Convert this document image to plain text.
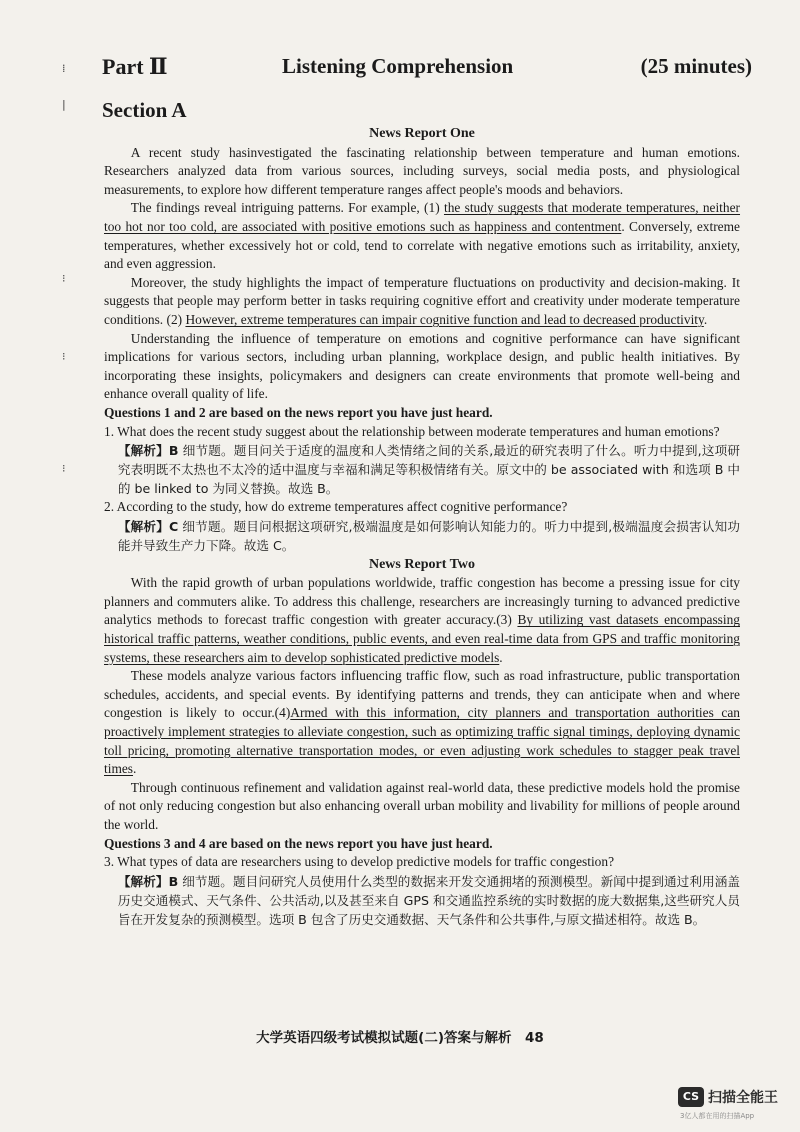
⁞
|
⁝
⁝
⁝
Part Ⅱ	Listening Comprehension	(25 minutes)
Section A

News Report One

A recent study hasinvestigated the fascinating relationship between temperature and human emotions. Researchers analyzed data from various sources, including surveys, social media posts, and physiological measurements, to explore how different temperature ranges affect people's moods and behaviors.

The findings reveal intriguing patterns. For example, (1) the study suggests that moderate temperatures, neither too hot nor too cold, are associated with positive emotions such as happiness and contentment. Conversely, extreme temperatures, whether excessively hot or cold, tend to correlate with negative emotions such as irritability, anxiety, and even aggression.

Moreover, the study highlights the impact of temperature fluctuations on productivity and decision-making. It suggests that people may perform better in tasks requiring cognitive effort and creativity under moderate temperature conditions. (2) However, extreme temperatures can impair cognitive function and lead to decreased productivity.

Understanding the influence of temperature on emotions and cognitive performance can have significant implications for various sectors, including urban planning, workplace design, and public health initiatives. By incorporating these insights, policymakers and designers can create environments that promote well-being and enhance overall quality of life.

Questions 1 and 2 are based on the news report you have just heard.

1. What does the recent study suggest about the relationship between moderate temperatures and human emotions?

【解析】B 细节题。题目问关于适度的温度和人类情绪之间的关系,最近的研究表明了什么。听力中提到,这项研究表明既不太热也不太冷的适中温度与幸福和满足等积极情绪有关。原文中的 be associated with 和选项 B 中的 be linked to 为同义替换。故选 B。

2. According to the study, how do extreme temperatures affect cognitive performance?

【解析】C 细节题。题目问根据这项研究,极端温度是如何影响认知能力的。听力中提到,极端温度会损害认知功能并导致生产力下降。故选 C。

News Report Two

With the rapid growth of urban populations worldwide, traffic congestion has become a pressing issue for city planners and commuters alike. To address this challenge, researchers are increasingly turning to advanced predictive analytics methods to forecast traffic congestion with greater accuracy.(3) By utilizing vast datasets encompassing historical traffic patterns, weather conditions, public events, and even real-time data from GPS and traffic monitoring systems, these researchers aim to develop sophisticated predictive models.

These models analyze various factors influencing traffic flow, such as road infrastructure, public transportation schedules, accidents, and special events. By identifying patterns and trends, they can anticipate when and where congestion is likely to occur.(4)Armed with this information, city planners and transportation authorities can proactively implement strategies to alleviate congestion, such as optimizing traffic signal timings, deploying dynamic toll pricing, promoting alternative transportation modes, or even adjusting work schedules to stagger peak travel times.

Through continuous refinement and validation against real-world data, these predictive models hold the promise of not only reducing congestion but also enhancing overall urban mobility and livability for millions of people around the world.

Questions 3 and 4 are based on the news report you have just heard.

3. What types of data are researchers using to develop predictive models for traffic congestion?

【解析】B 细节题。题目问研究人员使用什么类型的数据来开发交通拥堵的预测模型。新闻中提到通过利用涵盖历史交通模式、天气条件、公共活动,以及甚至来自 GPS 和交通监控系统的实时数据的庞大数据集,这些研究人员旨在开发复杂的预测模型。选项 B 包含了历史交通数据、天气条件和公共事件,与原文描述相符。故选 B。

大学英语四级考试模拟试题(二)答案与解析　48
CS 扫描全能王
3亿人都在用的扫描App
